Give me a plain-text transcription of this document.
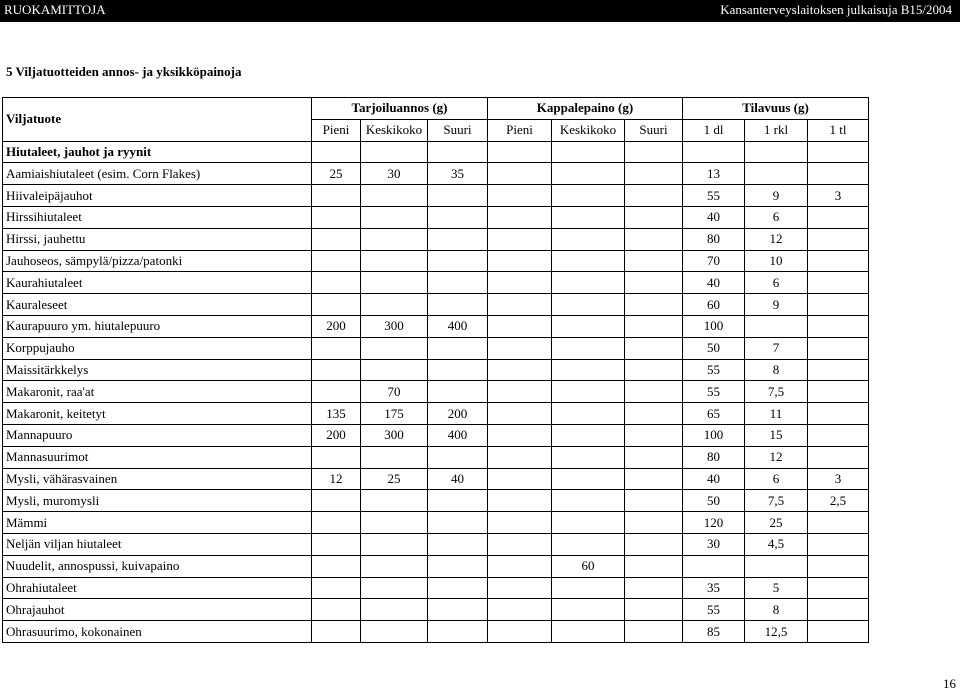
RUOKAMITTOJA	Kansanterveyslaitoksen julkaisuja B15/2004
5 Viljatuotteiden annos- ja yksikköpainoja
Viljatuote	Tarjoiluannos (g)			Kappalepaino (g)			Tilavuus (g)		
	Pieni	Keskikoko	Suuri	Pieni	Keskikoko	Suuri	1 dl	1 rkl	1 tl
Hiutaleet, jauhot ja ryynit									
Aamiaishiutaleet (esim. Corn Flakes)	25	30	35				13		
Hiivaleipäjauhot							55	9	3
Hirssihiutaleet							40	6	
Hirssi, jauhettu							80	12	
Jauhoseos, sämpylä/pizza/patonki							70	10	
Kaurahiutaleet							40	6	
Kauraleseet							60	9	
Kaurapuuro ym. hiutalepuuro	200	300	400				100		
Korppujauho							50	7	
Maissitärkkelys							55	8	
Makaronit, raa'at		70					55	7,5	
Makaronit, keitetyt	135	175	200				65	11	
Mannapuuro	200	300	400				100	15	
Mannasuurimot							80	12	
Mysli, vähärasvainen	12	25	40				40	6	3
Mysli, muromysli							50	7,5	2,5
Mämmi							120	25	
Neljän viljan hiutaleet							30	4,5	
Nuudelit, annospussi, kuivapaino					60				
Ohrahiutaleet							35	5	
Ohrajauhot							55	8	
Ohrasuurimo, kokonainen							85	12,5	
16
